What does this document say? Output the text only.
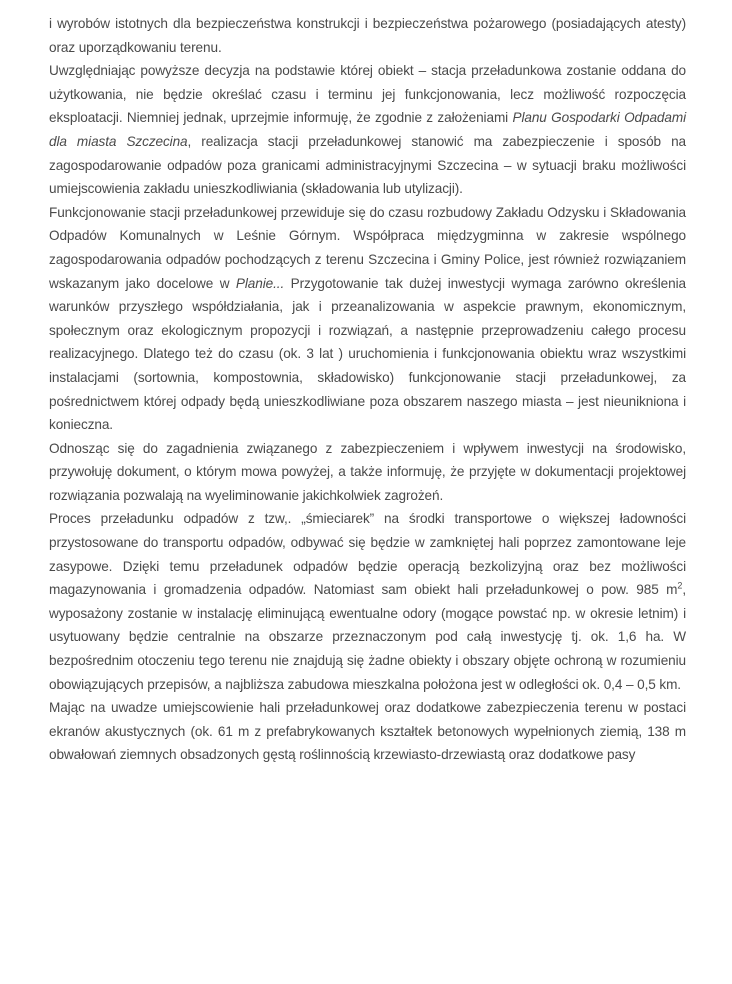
i wyrobów istotnych dla bezpieczeństwa konstrukcji i bezpieczeństwa pożarowego (posiadających atesty) oraz uporządkowaniu terenu.

Uwzględniając powyższe decyzja na podstawie której obiekt – stacja przeładunkowa zostanie oddana do użytkowania, nie będzie określać czasu i terminu jej funkcjonowania, lecz możliwość rozpoczęcia eksploatacji. Niemniej jednak, uprzejmie informuję, że zgodnie z założeniami Planu Gospodarki Odpadami dla miasta Szczecina, realizacja stacji przeładunkowej stanowić ma zabezpieczenie i sposób na zagospodarowanie odpadów poza granicami administracyjnymi Szczecina – w sytuacji braku możliwości umiejscowienia zakładu unieszkodliwiania (składowania lub utylizacji).

Funkcjonowanie stacji przeładunkowej przewiduje się do czasu rozbudowy Zakładu Odzysku i Składowania Odpadów Komunalnych w Leśnie Górnym. Współpraca międzygminna w zakresie wspólnego zagospodarowania odpadów pochodzących z terenu Szczecina i Gminy Police, jest również rozwiązaniem wskazanym jako docelowe w Planie... Przygotowanie tak dużej inwestycji wymaga zarówno określenia warunków przyszłego współdziałania, jak i przeanalizowania w aspekcie prawnym, ekonomicznym, społecznym oraz ekologicznym propozycji i rozwiązań, a następnie przeprowadzeniu całego procesu realizacyjnego. Dlatego też do czasu (ok. 3 lat ) uruchomienia i funkcjonowania obiektu wraz wszystkimi instalacjami (sortownia, kompostownia, składowisko) funkcjonowanie stacji przeładunkowej, za pośrednictwem której odpady będą unieszkodliwiane poza obszarem naszego miasta – jest nieunikniona i konieczna.

Odnosząc się do zagadnienia związanego z zabezpieczeniem i wpływem inwestycji na środowisko, przywołuję dokument, o którym mowa powyżej, a także informuję, że przyjęte w dokumentacji projektowej rozwiązania pozwalają na wyeliminowanie jakichkolwiek zagrożeń.

Proces przeładunku odpadów z tzw,. „śmieciarek” na środki transportowe o większej ładowności przystosowane do transportu odpadów, odbywać się będzie w zamkniętej hali poprzez zamontowane leje zasypowe. Dzięki temu przeładunek odpadów będzie operacją bezkolizyjną oraz bez możliwości magazynowania i gromadzenia odpadów. Natomiast sam obiekt hali przeładunkowej o pow. 985 $m^2$, wyposażony zostanie w instalację eliminującą ewentualne odory (mogące powstać np. w okresie letnim) i usytuowany będzie centralnie na obszarze przeznaczonym pod całą inwestycję tj. ok. 1,6 ha. W bezpośrednim otoczeniu tego terenu nie znajdują się żadne obiekty i obszary objęte ochroną w rozumieniu obowiązujących przepisów, a najbliższa zabudowa mieszkalna położona jest w odległości ok. 0,4 – 0,5 km.

Mając na uwadze umiejscowienie hali przeładunkowej oraz dodatkowe zabezpieczenia terenu w postaci ekranów akustycznych (ok. 61 m z prefabrykowanych kształtek betonowych wypełnionych ziemią, 138 m obwałowań ziemnych obsadzonych gęstą roślinnością krzewiasto-drzewiastą oraz dodatkowe pasy
